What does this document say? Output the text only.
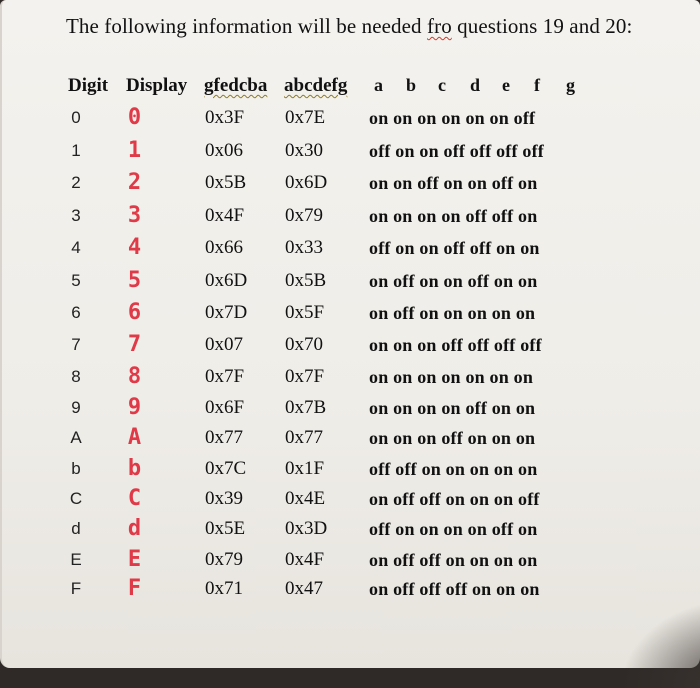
The following information will be needed fro questions 19 and 20:
Digit Display gfedcba abcdefg a	b	c	d	e	f	g
0 0	0x3F 0x7E on on on on on on off
1 1	0x06 0x30	off on on off off off off
2 2	0x5B 0x6D on on off on on off on
3 3	0x4F 0x79	on on on on off off on
4 4	0x66 0x33	off on on off off on on
5 5	0x6D 0x5B on off on on off on on
6 6	0x7D 0x5F on off on on on on on
7 7	0x07 0x70	on on on off off off off
8 8	0x7F 0x7F on on on on on on on
9 9	0x6F 0x7B on on on on off on on
A A	0x77 0x77	on on on off on on on
b b	0x7C 0x1F off off on on on on on
C C	0x39 0x4E on off off on on on off
d d	0x5E 0x3D off on on on on off on
E E	0x79 0x4F on off off on on on on
F F	0x71 0x47	on off off off on on on
